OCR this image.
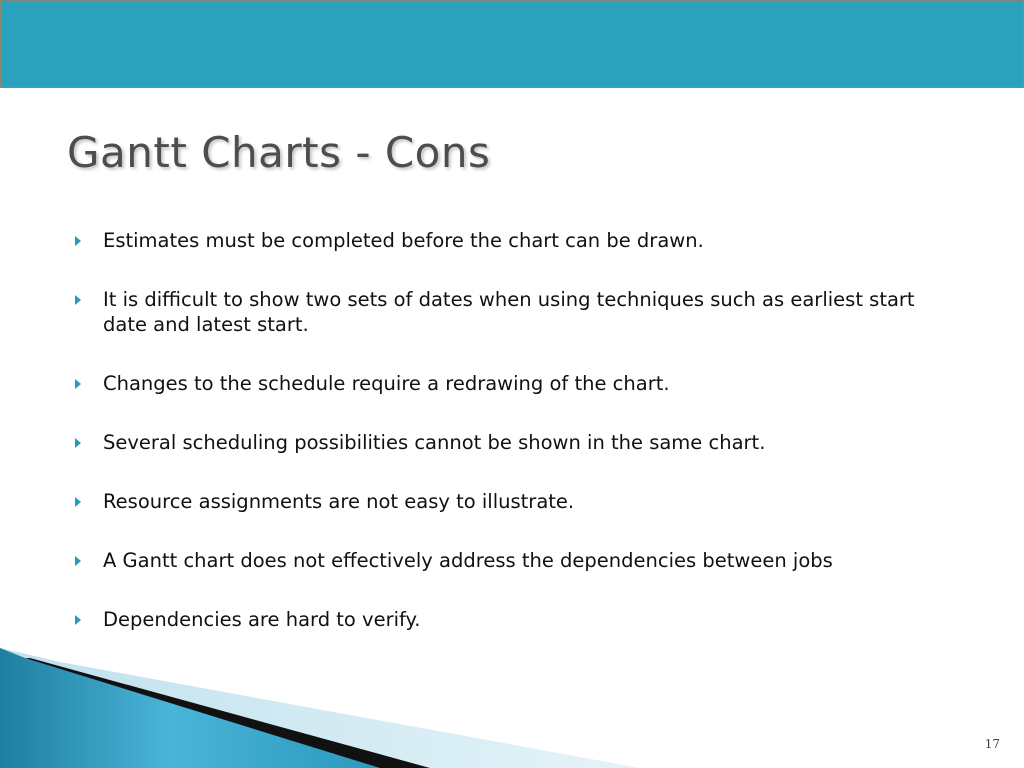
Gantt Charts - Cons
Estimates must be completed before the chart can be drawn.
It is difficult to show two sets of dates when using techniques such as earliest start date and latest start.
Changes to the schedule require a redrawing of the chart.
Several scheduling possibilities cannot be shown in the same chart.
Resource assignments are not easy to illustrate.
A Gantt chart does not effectively address the dependencies between jobs
Dependencies are hard to verify.
17
